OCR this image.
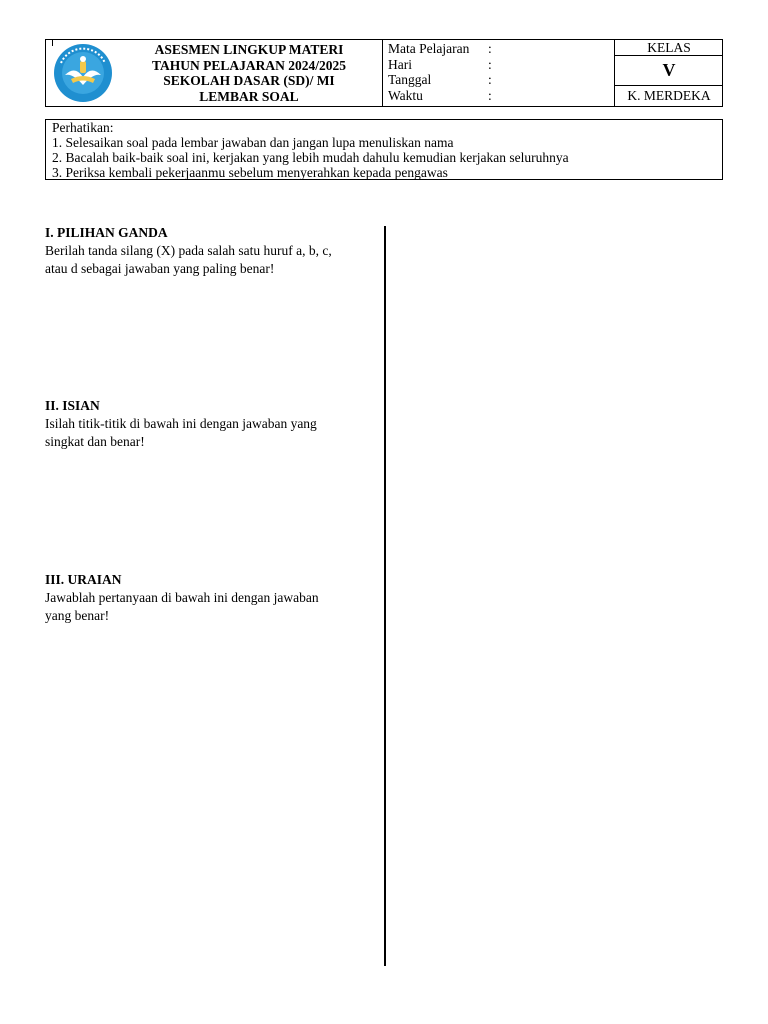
ASESMEN LINGKUP MATERI
TAHUN PELAJARAN 2024/2025
SEKOLAH DASAR (SD)/ MI
LEMBAR SOAL
Mata Pelajaran	:
Hari	:
Tanggal	:
Waktu	:
KELAS
V
K. MERDEKA
Perhatikan:
1. Selesaikan soal pada lembar jawaban dan jangan lupa menuliskan nama
2. Bacalah baik-baik soal ini, kerjakan yang lebih mudah dahulu kemudian kerjakan seluruhnya
3. Periksa kembali pekerjaanmu sebelum menyerahkan kepada pengawas
I. PILIHAN GANDA
Berilah tanda silang (X) pada salah satu huruf a, b, c,
atau d sebagai jawaban yang paling benar!
II. ISIAN
Isilah titik-titik di bawah ini dengan jawaban yang
singkat dan benar!
III. URAIAN
Jawablah pertanyaan di bawah ini dengan jawaban
yang benar!
